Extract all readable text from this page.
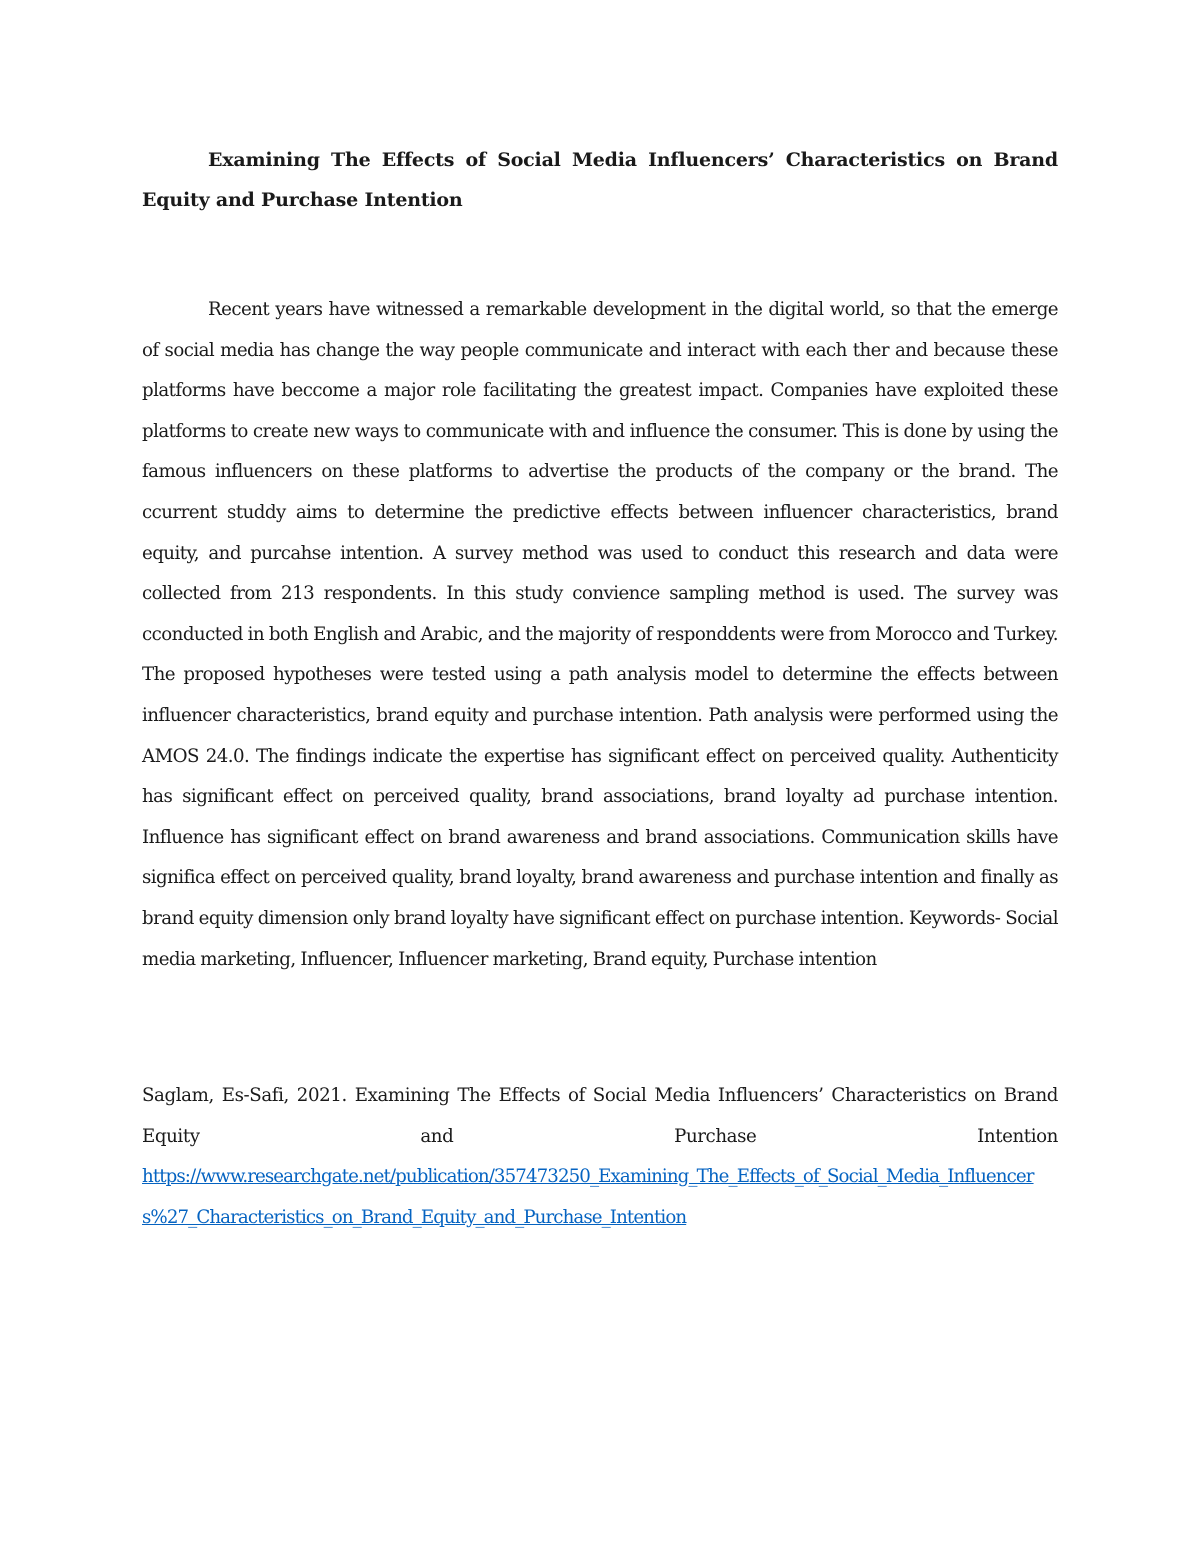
Examining The Effects of Social Media Influencers’ Characteristics on Brand Equity and Purchase Intention

Recent years have witnessed a remarkable development in the digital world, so that the emerge of social media has change the way people communicate and interact with each ther and because these platforms have beccome a major role facilitating the greatest impact. Companies have exploited these platforms to create new ways to communicate with and influence the consumer. This is done by using the famous influencers on these platforms to advertise the products of the company or the brand. The ccurrent studdy aims to determine the predictive effects between influencer characteristics, brand equity, and purcahse intention. A survey method was used to conduct this research and data were collected from 213 respondents. In this study convience sampling method is used. The survey was cconducted in both English and Arabic, and the majority of responddents were from Morocco and Turkey. The proposed hypotheses were tested using a path analysis model to determine the effects between influencer characteristics, brand equity and purchase intention. Path analysis were performed using the AMOS 24.0. The findings indicate the expertise has significant effect on perceived quality. Authenticity has significant effect on perceived quality, brand associations, brand loyalty ad purchase intention. Influence has significant effect on brand awareness and brand associations. Communication skills have significa effect on perceived quality, brand loyalty, brand awareness and purchase intention and finally as brand equity dimension only brand loyalty have significant effect on purchase intention. Keywords- Social media marketing, Influencer, Influencer marketing, Brand equity, Purchase intention

Saglam, Es-Safi, 2021. Examining The Effects of Social Media Influencers’ Characteristics on Brand Equity and Purchase Intention
https://www.researchgate.net/publication/357473250_Examining_The_Effects_of_Social_Media_Influencers%27_Characteristics_on_Brand_Equity_and_Purchase_Intention
